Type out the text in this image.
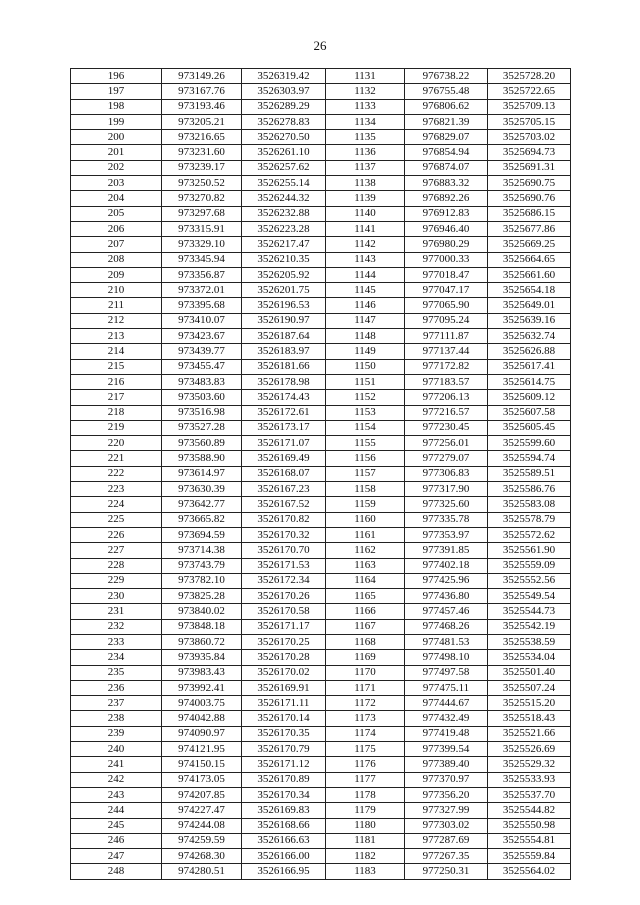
26
196	973149.26	3526319.42	1131	976738.22	3525728.20
197	973167.76	3526303.97	1132	976755.48	3525722.65
198	973193.46	3526289.29	1133	976806.62	3525709.13
199	973205.21	3526278.83	1134	976821.39	3525705.15
200	973216.65	3526270.50	1135	976829.07	3525703.02
201	973231.60	3526261.10	1136	976854.94	3525694.73
202	973239.17	3526257.62	1137	976874.07	3525691.31
203	973250.52	3526255.14	1138	976883.32	3525690.75
204	973270.82	3526244.32	1139	976892.26	3525690.76
205	973297.68	3526232.88	1140	976912.83	3525686.15
206	973315.91	3526223.28	1141	976946.40	3525677.86
207	973329.10	3526217.47	1142	976980.29	3525669.25
208	973345.94	3526210.35	1143	977000.33	3525664.65
209	973356.87	3526205.92	1144	977018.47	3525661.60
210	973372.01	3526201.75	1145	977047.17	3525654.18
211	973395.68	3526196.53	1146	977065.90	3525649.01
212	973410.07	3526190.97	1147	977095.24	3525639.16
213	973423.67	3526187.64	1148	977111.87	3525632.74
214	973439.77	3526183.97	1149	977137.44	3525626.88
215	973455.47	3526181.66	1150	977172.82	3525617.41
216	973483.83	3526178.98	1151	977183.57	3525614.75
217	973503.60	3526174.43	1152	977206.13	3525609.12
218	973516.98	3526172.61	1153	977216.57	3525607.58
219	973527.28	3526173.17	1154	977230.45	3525605.45
220	973560.89	3526171.07	1155	977256.01	3525599.60
221	973588.90	3526169.49	1156	977279.07	3525594.74
222	973614.97	3526168.07	1157	977306.83	3525589.51
223	973630.39	3526167.23	1158	977317.90	3525586.76
224	973642.77	3526167.52	1159	977325.60	3525583.08
225	973665.82	3526170.82	1160	977335.78	3525578.79
226	973694.59	3526170.32	1161	977353.97	3525572.62
227	973714.38	3526170.70	1162	977391.85	3525561.90
228	973743.79	3526171.53	1163	977402.18	3525559.09
229	973782.10	3526172.34	1164	977425.96	3525552.56
230	973825.28	3526170.26	1165	977436.80	3525549.54
231	973840.02	3526170.58	1166	977457.46	3525544.73
232	973848.18	3526171.17	1167	977468.26	3525542.19
233	973860.72	3526170.25	1168	977481.53	3525538.59
234	973935.84	3526170.28	1169	977498.10	3525534.04
235	973983.43	3526170.02	1170	977497.58	3525501.40
236	973992.41	3526169.91	1171	977475.11	3525507.24
237	974003.75	3526171.11	1172	977444.67	3525515.20
238	974042.88	3526170.14	1173	977432.49	3525518.43
239	974090.97	3526170.35	1174	977419.48	3525521.66
240	974121.95	3526170.79	1175	977399.54	3525526.69
241	974150.15	3526171.12	1176	977389.40	3525529.32
242	974173.05	3526170.89	1177	977370.97	3525533.93
243	974207.85	3526170.34	1178	977356.20	3525537.70
244	974227.47	3526169.83	1179	977327.99	3525544.82
245	974244.08	3526168.66	1180	977303.02	3525550.98
246	974259.59	3526166.63	1181	977287.69	3525554.81
247	974268.30	3526166.00	1182	977267.35	3525559.84
248	974280.51	3526166.95	1183	977250.31	3525564.02
